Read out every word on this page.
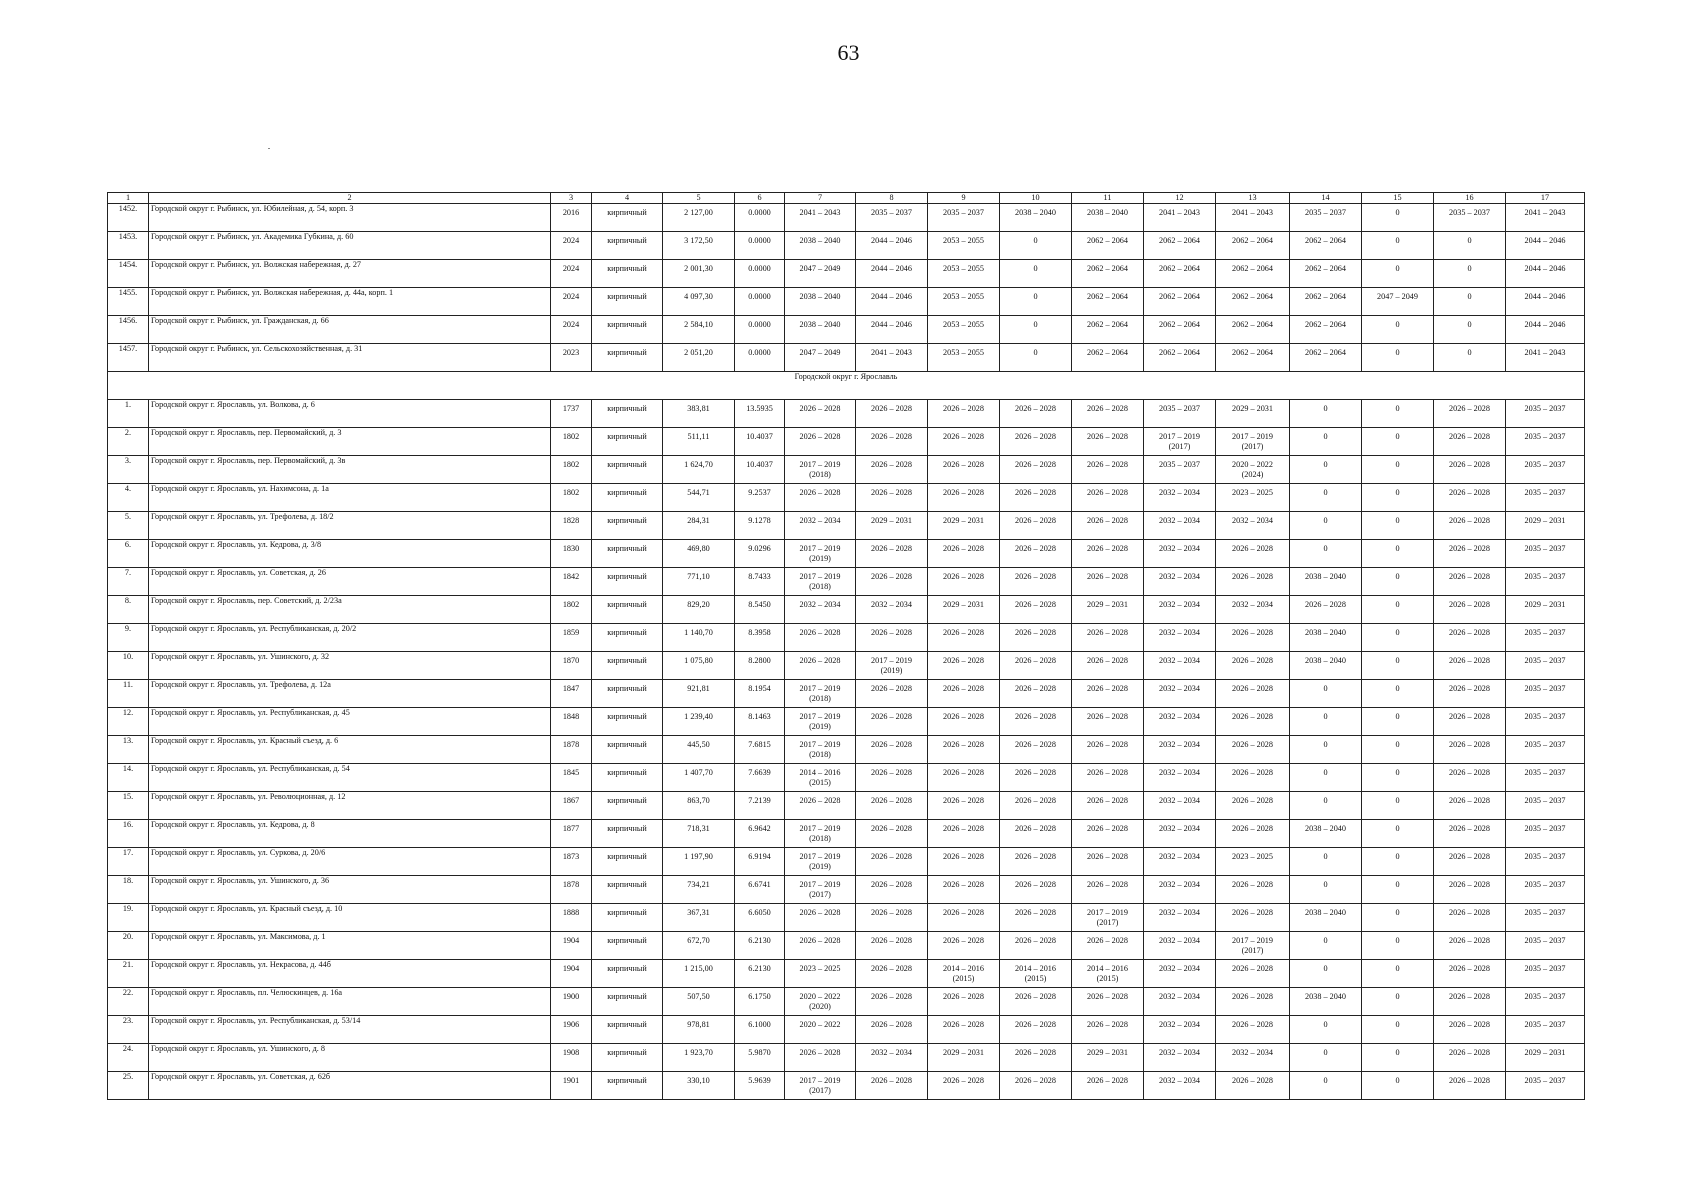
63
1	2	3	4	5	6	7	8	9	10	11	12	13	14	15	16	17

1452.	Городской округ г. Рыбинск, ул. Юбилейная, д. 54, корп. 3	2016	кирпичный	2 127,00	0.0000	2041 – 2043	2035 – 2037	2035 – 2037	2038 – 2040	2038 – 2040	2041 – 2043	2041 – 2043	2035 – 2037	0	2035 – 2037	2041 – 2043

1453.	Городской округ г. Рыбинск, ул. Академика Губкина, д. 60	2024	кирпичный	3 172,50	0.0000	2038 – 2040	2044 – 2046	2053 – 2055	0	2062 – 2064	2062 – 2064	2062 – 2064	2062 – 2064	0	0	2044 – 2046

1454.	Городской округ г. Рыбинск, ул. Волжская набережная, д. 27	2024	кирпичный	2 001,30	0.0000	2047 – 2049	2044 – 2046	2053 – 2055	0	2062 – 2064	2062 – 2064	2062 – 2064	2062 – 2064	0	0	2044 – 2046

1455.	Городской округ г. Рыбинск, ул. Волжская набережная, д. 44а, корп. 1	2024	кирпичный	4 097,30	0.0000	2038 – 2040	2044 – 2046	2053 – 2055	0	2062 – 2064	2062 – 2064	2062 – 2064	2062 – 2064	2047 – 2049	0	2044 – 2046

1456.	Городской округ г. Рыбинск, ул. Гражданская, д. 66	2024	кирпичный	2 584,10	0.0000	2038 – 2040	2044 – 2046	2053 – 2055	0	2062 – 2064	2062 – 2064	2062 – 2064	2062 – 2064	0	0	2044 – 2046

1457.	Городской округ г. Рыбинск, ул. Сельскохозяйственная, д. 31	2023	кирпичный	2 051,20	0.0000	2047 – 2049	2041 – 2043	2053 – 2055	0	2062 – 2064	2062 – 2064	2062 – 2064	2062 – 2064	0	0	2041 – 2043

Городской округ г. Ярославль																

1.	Городской округ г. Ярославль, ул. Волкова, д. 6	1737	кирпичный	383,81	13.5935	2026 – 2028	2026 – 2028	2026 – 2028	2026 – 2028	2026 – 2028	2035 – 2037	2029 – 2031	0	0	2026 – 2028	2035 – 2037

2.	Городской округ г. Ярославль, пер. Первомайский, д. 3	1802	кирпичный	511,11	10.4037	2026 – 2028	2026 – 2028	2026 – 2028	2026 – 2028	2026 – 2028	2017 – 2019
(2017)	2017 – 2019
(2017)	0	0	2026 – 2028	2035 – 2037

3.	Городской округ г. Ярославль, пер. Первомайский, д. 3в	1802	кирпичный	1 624,70	10.4037	2017 – 2019
(2018)	2026 – 2028	2026 – 2028	2026 – 2028	2026 – 2028	2035 – 2037	2020 – 2022
(2024)	0	0	2026 – 2028	2035 – 2037

4.	Городской округ г. Ярославль, ул. Нахимсона, д. 1а	1802	кирпичный	544,71	9.2537	2026 – 2028	2026 – 2028	2026 – 2028	2026 – 2028	2026 – 2028	2032 – 2034	2023 – 2025	0	0	2026 – 2028	2035 – 2037

5.	Городской округ г. Ярославль, ул. Трефолева, д. 18/2	1828	кирпичный	284,31	9.1278	2032 – 2034	2029 – 2031	2029 – 2031	2026 – 2028	2026 – 2028	2032 – 2034	2032 – 2034	0	0	2026 – 2028	2029 – 2031

6.	Городской округ г. Ярославль, ул. Кедрова, д. 3/8	1830	кирпичный	469,80	9.0296	2017 – 2019
(2019)	2026 – 2028	2026 – 2028	2026 – 2028	2026 – 2028	2032 – 2034	2026 – 2028	0	0	2026 – 2028	2035 – 2037

7.	Городской округ г. Ярославль, ул. Советская, д. 26	1842	кирпичный	771,10	8.7433	2017 – 2019
(2018)	2026 – 2028	2026 – 2028	2026 – 2028	2026 – 2028	2032 – 2034	2026 – 2028	2038 – 2040	0	2026 – 2028	2035 – 2037

8.	Городской округ г. Ярославль, пер. Советский, д. 2/23а	1802	кирпичный	829,20	8.5450	2032 – 2034	2032 – 2034	2029 – 2031	2026 – 2028	2029 – 2031	2032 – 2034	2032 – 2034	2026 – 2028	0	2026 – 2028	2029 – 2031

9.	Городской округ г. Ярославль, ул. Республиканская, д. 20/2	1859	кирпичный	1 140,70	8.3958	2026 – 2028	2026 – 2028	2026 – 2028	2026 – 2028	2026 – 2028	2032 – 2034	2026 – 2028	2038 – 2040	0	2026 – 2028	2035 – 2037

10.	Городской округ г. Ярославль, ул. Ушинского, д. 32	1870	кирпичный	1 075,80	8.2800	2026 – 2028	2017 – 2019
(2019)	2026 – 2028	2026 – 2028	2026 – 2028	2032 – 2034	2026 – 2028	2038 – 2040	0	2026 – 2028	2035 – 2037

11.	Городской округ г. Ярославль, ул. Трефолева, д. 12а	1847	кирпичный	921,81	8.1954	2017 – 2019
(2018)	2026 – 2028	2026 – 2028	2026 – 2028	2026 – 2028	2032 – 2034	2026 – 2028	0	0	2026 – 2028	2035 – 2037

12.	Городской округ г. Ярославль, ул. Республиканская, д. 45	1848	кирпичный	1 239,40	8.1463	2017 – 2019
(2019)	2026 – 2028	2026 – 2028	2026 – 2028	2026 – 2028	2032 – 2034	2026 – 2028	0	0	2026 – 2028	2035 – 2037

13.	Городской округ г. Ярославль, ул. Красный съезд, д. 6	1878	кирпичный	445,50	7.6815	2017 – 2019
(2018)	2026 – 2028	2026 – 2028	2026 – 2028	2026 – 2028	2032 – 2034	2026 – 2028	0	0	2026 – 2028	2035 – 2037

14.	Городской округ г. Ярославль, ул. Республиканская, д. 54	1845	кирпичный	1 407,70	7.6639	2014 – 2016
(2015)	2026 – 2028	2026 – 2028	2026 – 2028	2026 – 2028	2032 – 2034	2026 – 2028	0	0	2026 – 2028	2035 – 2037

15.	Городской округ г. Ярославль, ул. Революционная, д. 12	1867	кирпичный	863,70	7.2139	2026 – 2028	2026 – 2028	2026 – 2028	2026 – 2028	2026 – 2028	2032 – 2034	2026 – 2028	0	0	2026 – 2028	2035 – 2037

16.	Городской округ г. Ярославль, ул. Кедрова, д. 8	1877	кирпичный	718,31	6.9642	2017 – 2019
(2018)	2026 – 2028	2026 – 2028	2026 – 2028	2026 – 2028	2032 – 2034	2026 – 2028	2038 – 2040	0	2026 – 2028	2035 – 2037

17.	Городской округ г. Ярославль, ул. Суркова, д. 20/6	1873	кирпичный	1 197,90	6.9194	2017 – 2019
(2019)	2026 – 2028	2026 – 2028	2026 – 2028	2026 – 2028	2032 – 2034	2023 – 2025	0	0	2026 – 2028	2035 – 2037

18.	Городской округ г. Ярославль, ул. Ушинского, д. 36	1878	кирпичный	734,21	6.6741	2017 – 2019
(2017)	2026 – 2028	2026 – 2028	2026 – 2028	2026 – 2028	2032 – 2034	2026 – 2028	0	0	2026 – 2028	2035 – 2037

19.	Городской округ г. Ярославль, ул. Красный съезд, д. 10	1888	кирпичный	367,31	6.6050	2026 – 2028	2026 – 2028	2026 – 2028	2026 – 2028	2017 – 2019
(2017)	2032 – 2034	2026 – 2028	2038 – 2040	0	2026 – 2028	2035 – 2037

20.	Городской округ г. Ярославль, ул. Максимова, д. 1	1904	кирпичный	672,70	6.2130	2026 – 2028	2026 – 2028	2026 – 2028	2026 – 2028	2026 – 2028	2032 – 2034	2017 – 2019
(2017)	0	0	2026 – 2028	2035 – 2037

21.	Городской округ г. Ярославль, ул. Некрасова, д. 44б	1904	кирпичный	1 215,00	6.2130	2023 – 2025	2026 – 2028	2014 – 2016
(2015)	2014 – 2016
(2015)	2014 – 2016
(2015)	2032 – 2034	2026 – 2028	0	0	2026 – 2028	2035 – 2037

22.	Городской округ г. Ярославль, пл. Челюскинцев, д. 16а	1900	кирпичный	507,50	6.1750	2020 – 2022
(2020)	2026 – 2028	2026 – 2028	2026 – 2028	2026 – 2028	2032 – 2034	2026 – 2028	2038 – 2040	0	2026 – 2028	2035 – 2037

23.	Городской округ г. Ярославль, ул. Республиканская, д. 53/14	1906	кирпичный	978,81	6.1000	2020 – 2022	2026 – 2028	2026 – 2028	2026 – 2028	2026 – 2028	2032 – 2034	2026 – 2028	0	0	2026 – 2028	2035 – 2037

24.	Городской округ г. Ярославль, ул. Ушинского, д. 8	1908	кирпичный	1 923,70	5.9870	2026 – 2028	2032 – 2034	2029 – 2031	2026 – 2028	2029 – 2031	2032 – 2034	2032 – 2034	0	0	2026 – 2028	2029 – 2031

25.	Городской округ г. Ярославль, ул. Советская, д. 62б	1901	кирпичный	330,10	5.9639	2017 – 2019
(2017)	2026 – 2028	2026 – 2028	2026 – 2028	2026 – 2028	2032 – 2034	2026 – 2028	0	0	2026 – 2028	2035 – 2037
